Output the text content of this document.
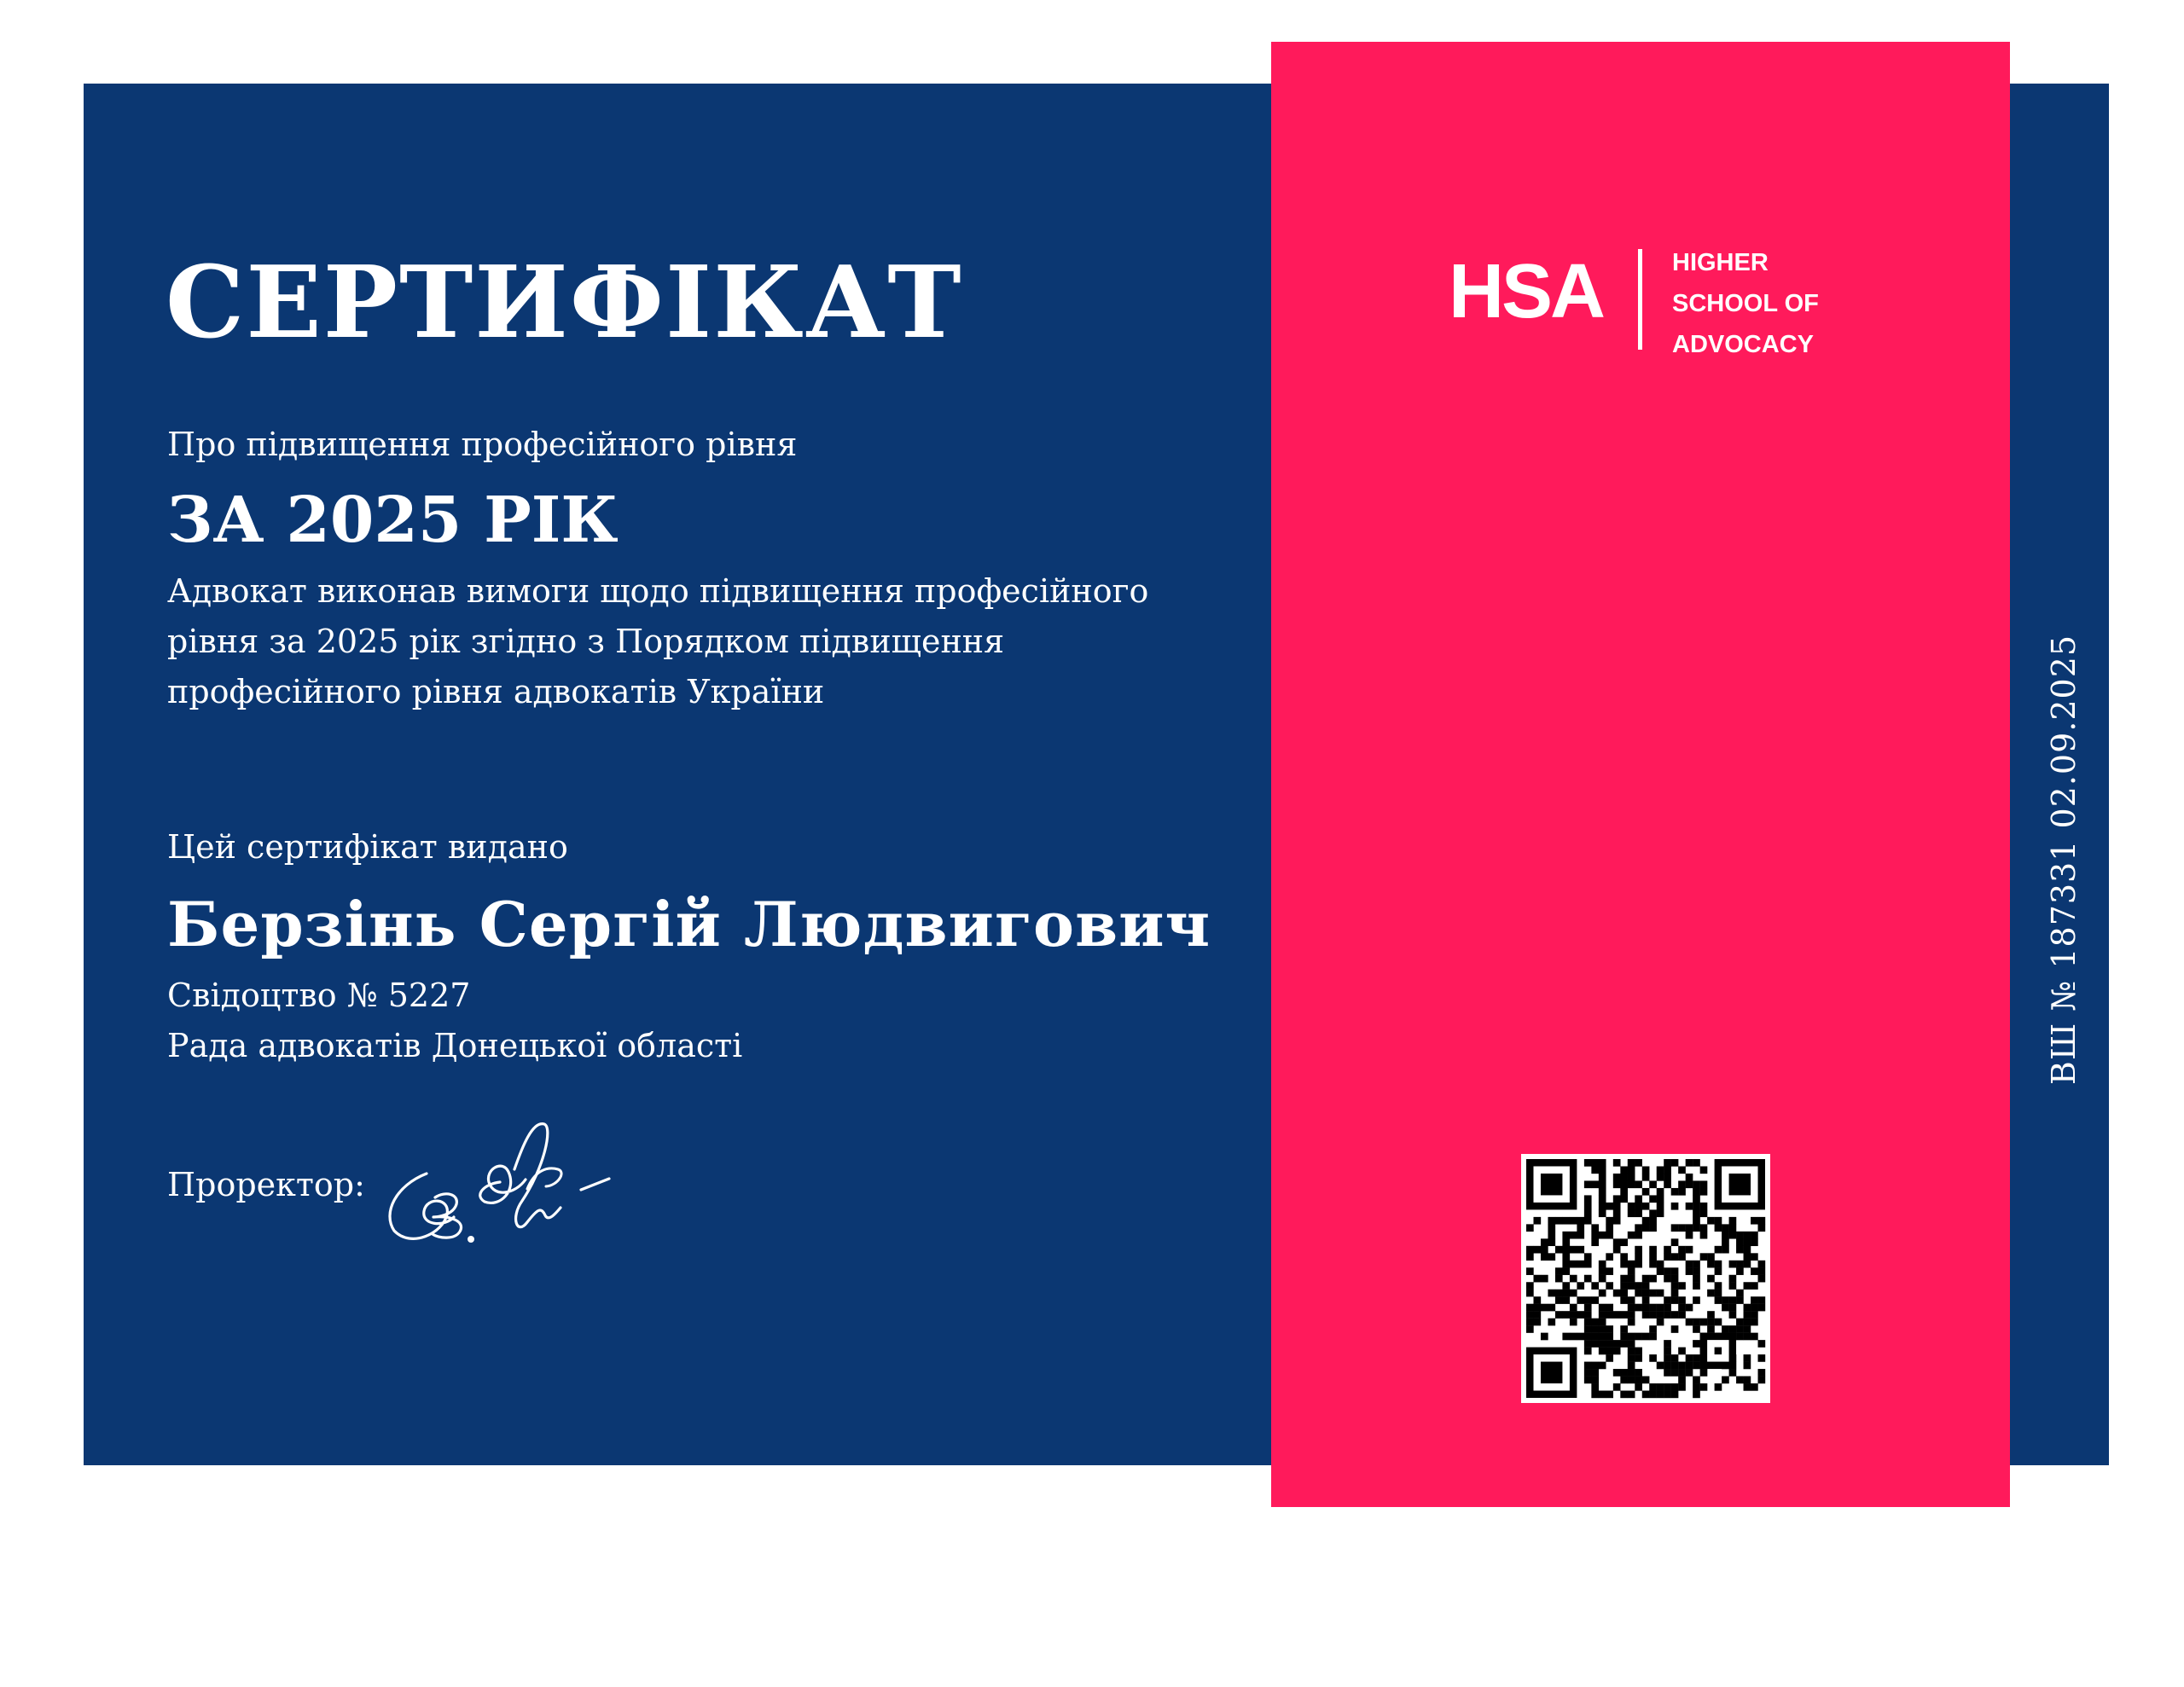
СЕРТИФІКАТ
Про підвищення професійного рівня
ЗА 2025 РІК
Адвокат виконав вимоги щодо підвищення професійного рівня за 2025 рік згідно з Порядком підвищення професійного рівня адвокатів України
Цей сертифікат видано
Берзінь Сергій Людвигович
Свідоцтво № 5227
Рада адвокатів Донецької області
Проректор:
HSA	HIGHER
SCHOOL OF
ADVOCACY
ВШ № 187331 02.09.2025
